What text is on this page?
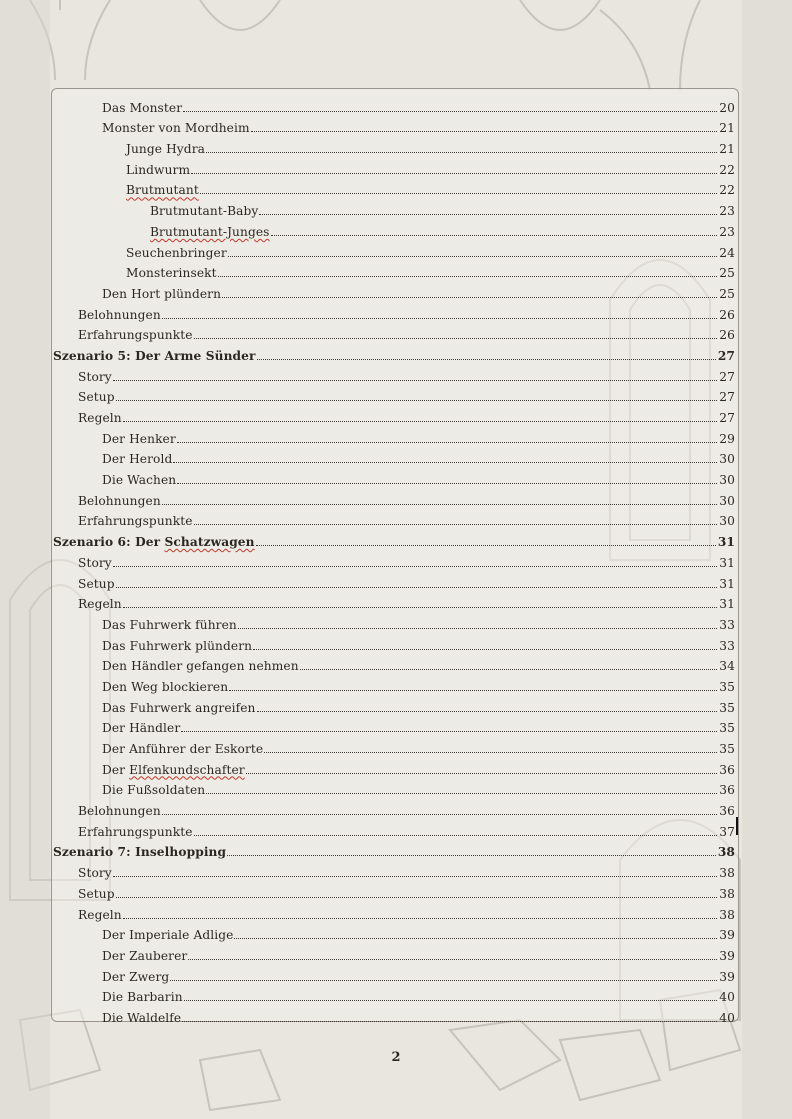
Das Monster	20
Monster von Mordheim	21
Junge Hydra	21
Lindwurm	22
Brutmutant	22
Brutmutant-Baby	23
Brutmutant-Junges	23
Seuchenbringer	24
Monsterinsekt	25
Den Hort plündern	25
Belohnungen	26
Erfahrungspunkte	26
Szenario 5: Der Arme Sünder	27
Story	27
Setup	27
Regeln	27
Der Henker	29
Der Herold	30
Die Wachen	30
Belohnungen	30
Erfahrungspunkte	30
Szenario 6: Der Schatzwagen	31
Story	31
Setup	31
Regeln	31
Das Fuhrwerk führen	33
Das Fuhrwerk plündern	33
Den Händler gefangen nehmen	34
Den Weg blockieren	35
Das Fuhrwerk angreifen	35
Der Händler	35
Der Anführer der Eskorte	35
Der Elfenkundschafter	36
Die Fußsoldaten	36
Belohnungen	36
Erfahrungspunkte	37
Szenario 7: Inselhopping	38
Story	38
Setup	38
Regeln	38
Der Imperiale Adlige	39
Der Zauberer	39
Der Zwerg	39
Die Barbarin	40
Die Waldelfe	40
2
